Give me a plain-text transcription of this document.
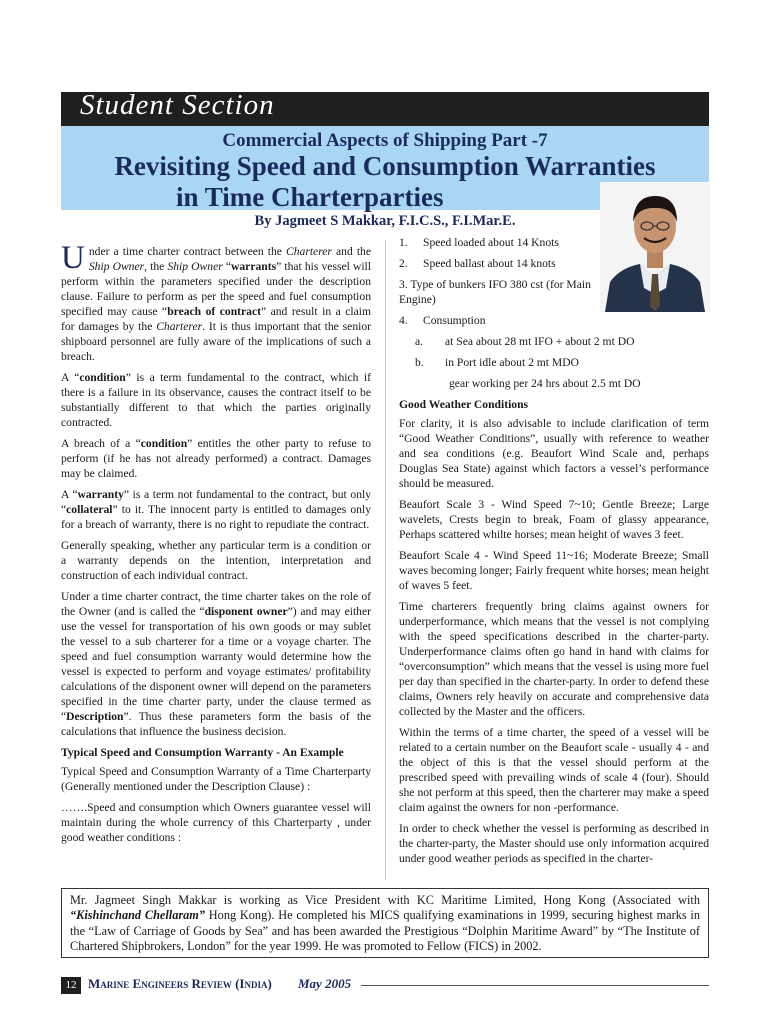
Student Section
Commercial Aspects of Shipping Part -7
Revisiting Speed and Consumption Warranties
in Time Charterparties
By Jagmeet S Makkar, F.I.C.S., F.I.Mar.E.

Under a time charter contract between the Charterer and the Ship Owner, the Ship Owner “warrants” that his vessel will perform within the parameters specified under the description clause. Failure to perform as per the speed and fuel consumption specified may cause “breach of contract” and result in a claim for damages by the Charterer. It is thus important that the senior shipboard personnel are fully aware of the implications of such a breach.

A “condition” is a term fundamental to the contract, which if there is a failure in its observance, causes the contract itself to be substantially different to that which the parties originally contracted.

A breach of a “condition” entitles the other party to refuse to perform (if he has not already performed) a contract. Damages may be claimed.

A “warranty” is a term not fundamental to the contract, but only “collateral” to it. The innocent party is entitled to damages only for a breach of warranty, there is no right to repudiate the contract.

Generally speaking, whether any particular term is a condition or a warranty depends on the intention, interpretation and construction of each individual contract.

Under a time charter contract, the time charter takes on the role of the Owner (and is called the “disponent owner”) and may either use the vessel for transportation of his own goods or may sublet the vessel to a sub charterer for a time or a voyage charter. The speed and fuel consumption warranty would determine how the vessel is expected to perform and voyage estimates/ profitability calculations of the disponent owner will depend on the parameters specified in the time charter party, under the clause termed as “Description”. Thus these parameters form the basis of the calculations that influence the business decision.

Typical Speed and Consumption Warranty - An Example

Typical Speed and Consumption Warranty of a Time Charterparty (Generally mentioned under the Description Clause) :

…….Speed and consumption which Owners guarantee vessel will maintain during the whole currency of this Charterparty , under good weather conditions :

1. Speed loaded about 14 Knots
2. Speed ballast about 14 knots
3. Type of bunkers IFO 380 cst (for Main Engine)
4. Consumption
a. at Sea about 28 mt IFO + about 2 mt DO
b. in Port idle about 2 mt MDO
gear working per 24 hrs about 2.5 mt DO
Good Weather Conditions

For clarity, it is also advisable to include clarification of term “Good Weather Conditions”, usually with reference to weather and sea conditions (e.g. Beaufort Wind Scale and, perhaps Douglas Sea State) against which factors a vessel’s performance should be measured.

Beaufort Scale 3 - Wind Speed 7~10; Gentle Breeze; Large wavelets, Crests begin to break, Foam of glassy appearance, Perhaps scattered whilte horses; mean height of waves 3 feet.

Beaufort Scale 4 - Wind Speed 11~16; Moderate Breeze; Small waves becoming longer; Fairly frequent white horses; mean height of waves 5 feet.

Time charterers frequently bring claims against owners for underperformance, which means that the vessel is not complying with the speed specifications described in the charter-party. Underperformance claims often go hand in hand with claims for “overconsumption” which means that the vessel is using more fuel per day than specified in the charter-party. In order to defend these claims, Owners rely heavily on accurate and comprehensive data collected by the Master and the officers.

Within the terms of a time charter, the speed of a vessel will be related to a certain number on the Beaufort scale - usually 4 - and the object of this is that the vessel should perform at the prescribed speed with prevailing winds of scale 4 (four). Should she not perform at this speed, then the charterer may make a speed claim against the owners for non -performance.

In order to check whether the vessel is performing as described in the charter-party, the Master should use only information acquired under good weather periods as specified in the charter-

Mr. Jagmeet Singh Makkar is working as Vice President with KC Maritime Limited, Hong Kong (Associated with “Kishinchand Chellaram” Hong Kong). He completed his MICS qualifying examinations in 1999, securing highest marks in the “Law of Carriage of Goods by Sea” and has been awarded the Prestigious “Dolphin Maritime Award” by “The Institute of Chartered Shipbrokers, London” for the year 1999. He was promoted to Fellow (FICS) in 2002.
12 Marine Engineers Review (India) May 2005
